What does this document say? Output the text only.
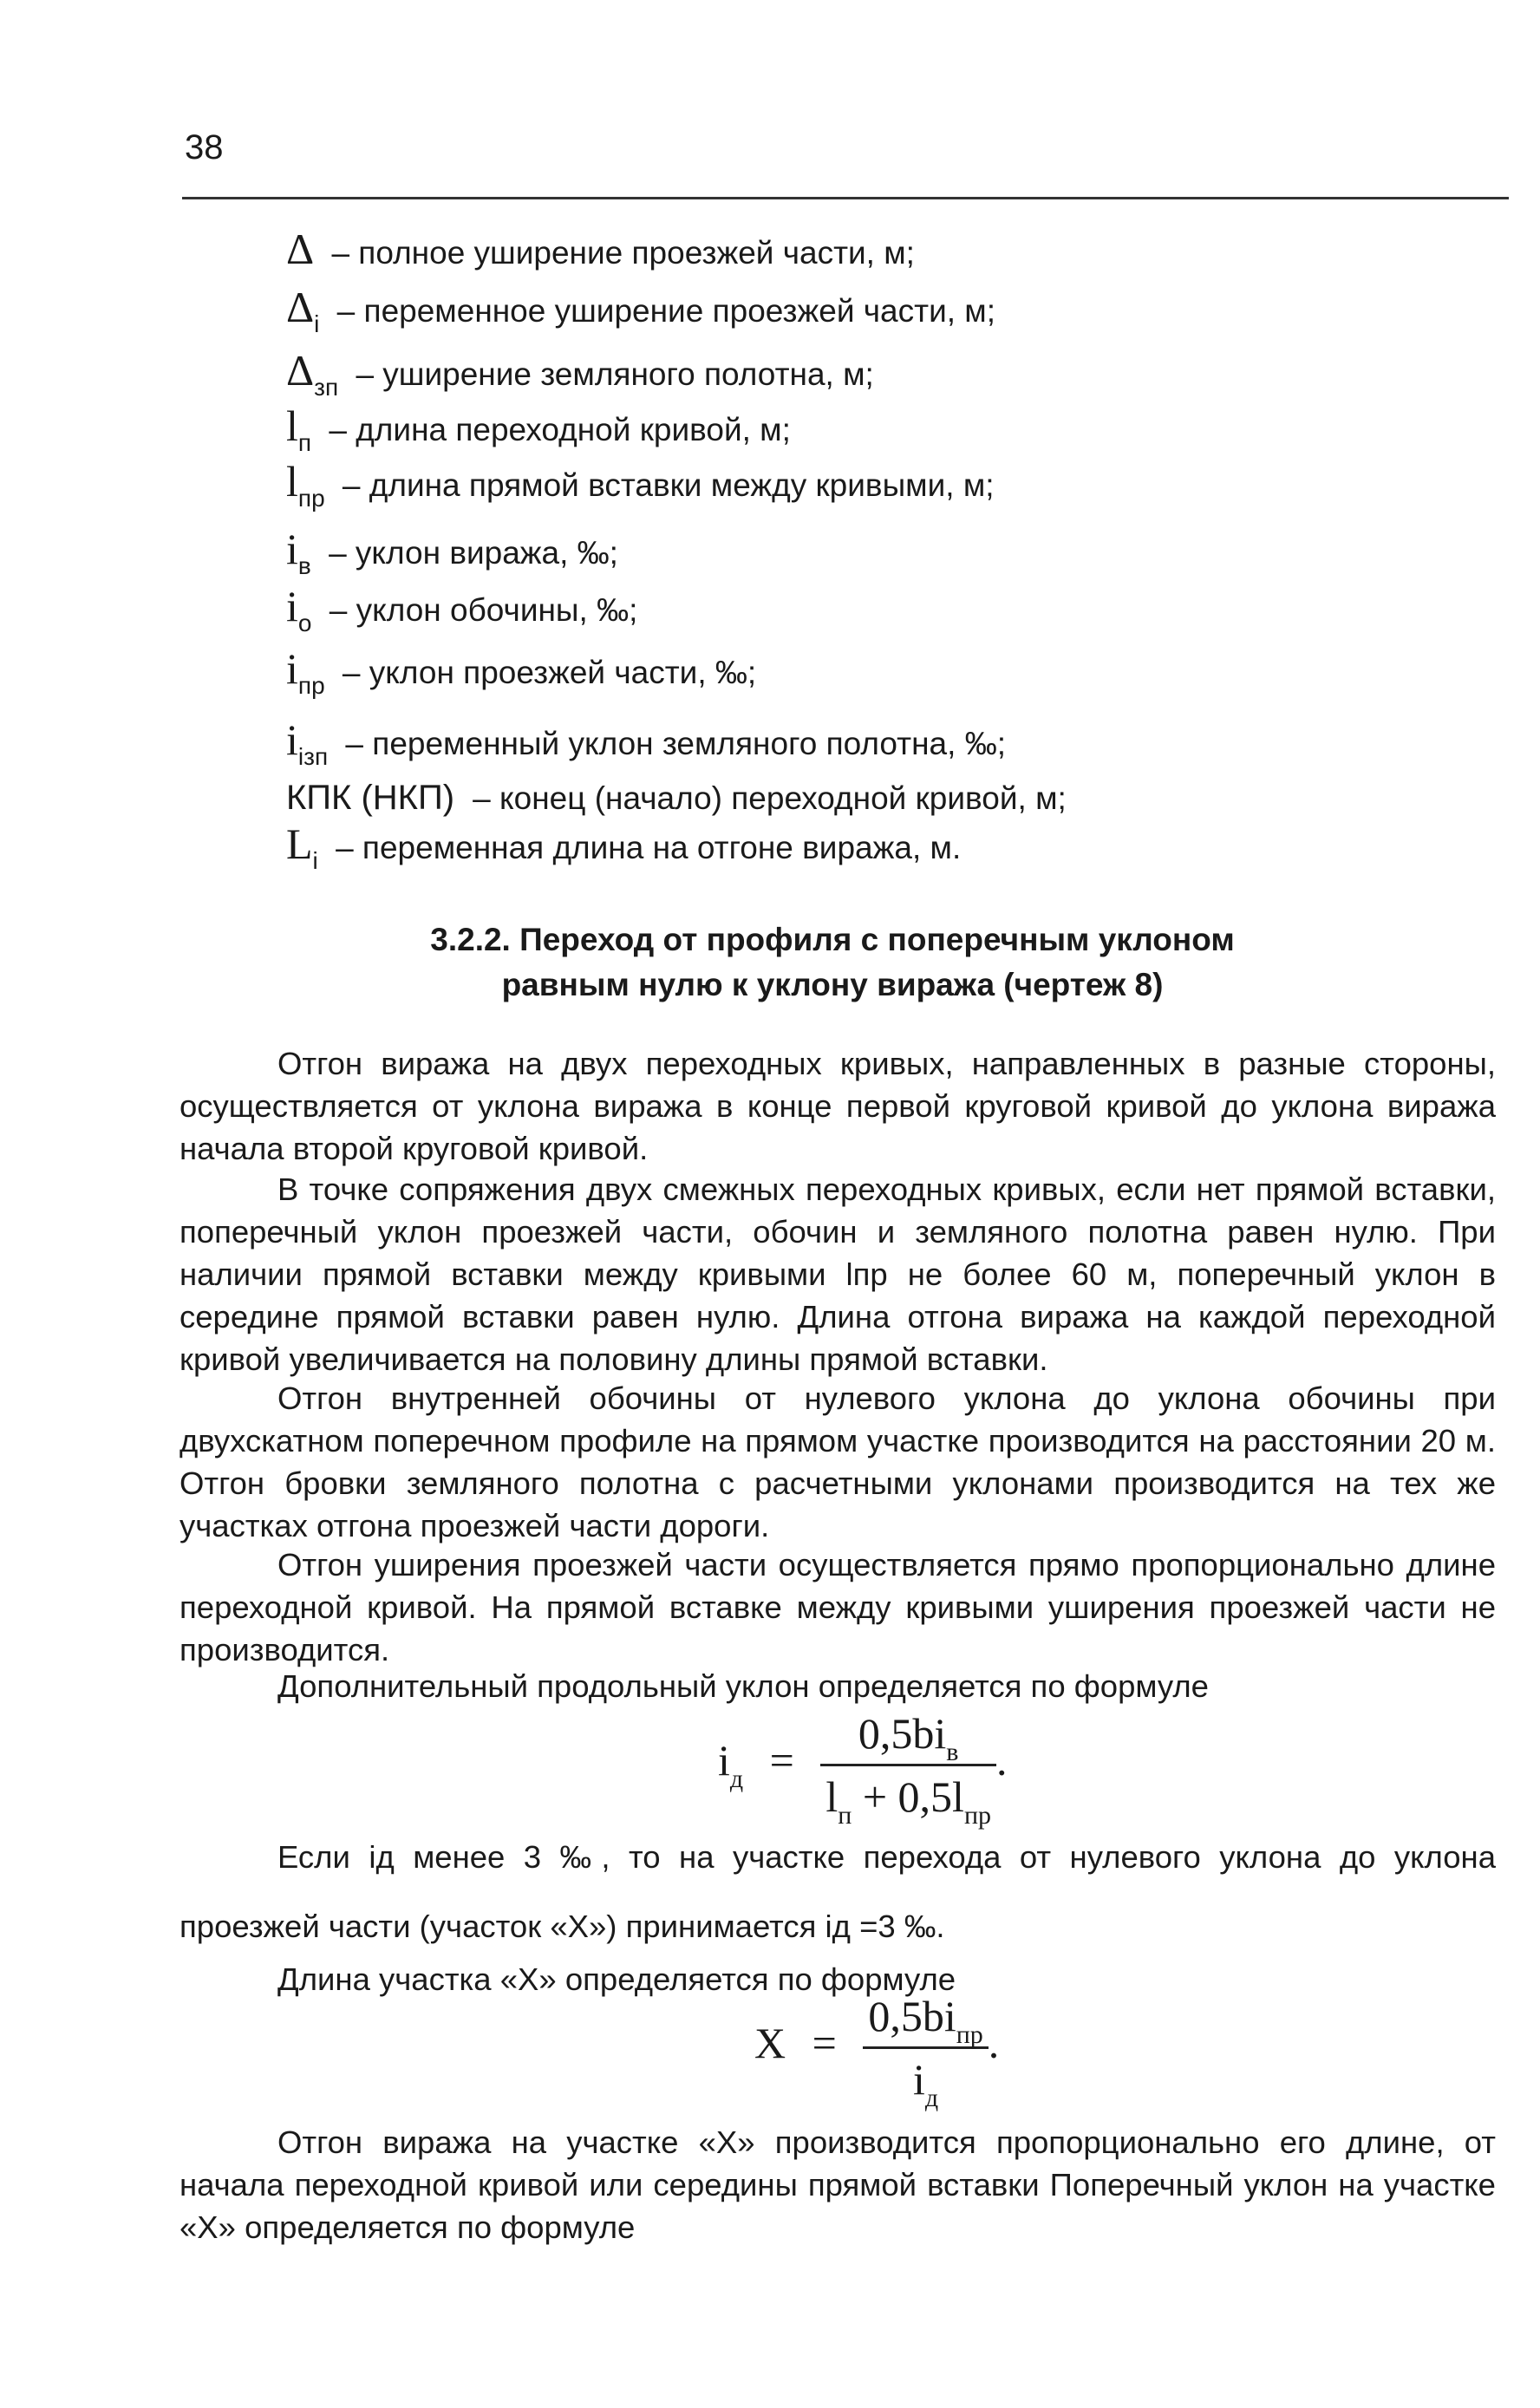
38
Δ – полное уширение проезжей части, м;
$\Delta_i$ – переменное уширение проезжей части, м;
$\Delta_{зп}$ – уширение земляного полотна, м;
$l_п$ – длина переходной кривой, м;
$l_{пр}$ – длина прямой вставки между кривыми, м;
$i_в$ – уклон виража, ‰;
$i_о$ – уклон обочины, ‰;
$i_{пр}$ – уклон проезжей части, ‰;
$i_{iзп}$ – переменный уклон земляного полотна, ‰;
КПК (НКП) – конец (начало) переходной кривой, м;
$L_i$ – переменная длина на отгоне виража, м.
3.2.2. Переход от профиля с поперечным уклоном
равным нулю к уклону виража (чертеж 8)
Отгон виража на двух переходных кривых, направленных в разные стороны, осуществляется от уклона виража в конце первой круговой кривой до уклона виража начала второй круговой кривой.
В точке сопряжения двух смежных переходных кривых, если нет прямой вставки, поперечный уклон проезжей части, обочин и земляного полотна равен нулю. При наличии прямой вставки между кривыми lпр не более 60 м, поперечный уклон в середине прямой вставки равен нулю. Длина отгона виража на каждой переходной кривой увеличивается на половину длины прямой вставки.
Отгон внутренней обочины от нулевого уклона до уклона обочины при двухскатном поперечном профиле на прямом участке производится на расстоянии 20 м. Отгон бровки земляного полотна с расчетными уклонами производится на тех же участках отгона проезжей части дороги.
Отгон уширения проезжей части осуществляется прямо пропорционально длине переходной кривой. На прямой вставке между кривыми уширения проезжей части не производится.
Дополнительный продольный уклон определяется по формуле
$i_д = \frac{0,5bi_в}{l_п + 0,5l_{пр}}$ .
Если iд менее 3 ‰, то на участке перехода от нулевого уклона до уклона проезжей части (участок «Х») принимается iд =3 ‰.
Длина участка «Х» определяется по формуле
$X = \frac{0,5bi_{пр}}{i_д}$ .
Отгон виража на участке «Х» производится пропорционально его длине, от начала переходной кривой или середины прямой вставки Поперечный уклон на участке «Х» определяется по формуле
